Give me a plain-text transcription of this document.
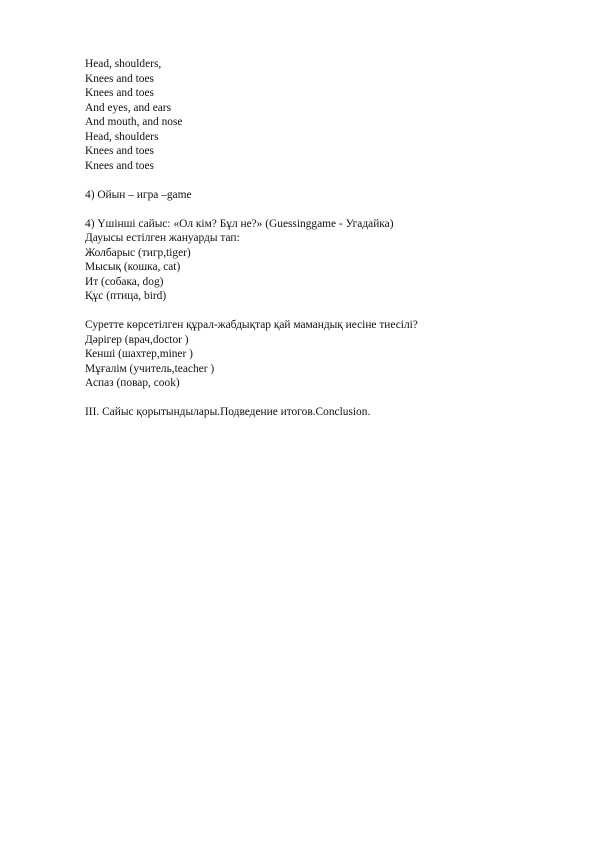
Head, shoulders,
Knees and toes
Knees and toes
And eyes, and ears
And mouth, and nose
Head, shoulders
Knees and toes
Knees and toes
4) Ойын – игра –game
4) Үшінші сайыс: «Ол кім? Бұл не?» (Guessinggame - Угадайка)
Дауысы естілген жануарды тап:
Жолбарыс (тигр,tiger)
Мысық (кошка, cat)
Ит (собака, dog)
Құс (птица, bird)
Суретте көрсетілген құрал-жабдықтар қай мамандық иесіне тиесілі?
Дәрігер (врач,doctor )
Кенші (шахтер,miner )
Мұғалім (учитель,teacher )
Аспаз (повар, cook)
III. Сайыс қорытындылары.Подведение итогов.Conclusion.
